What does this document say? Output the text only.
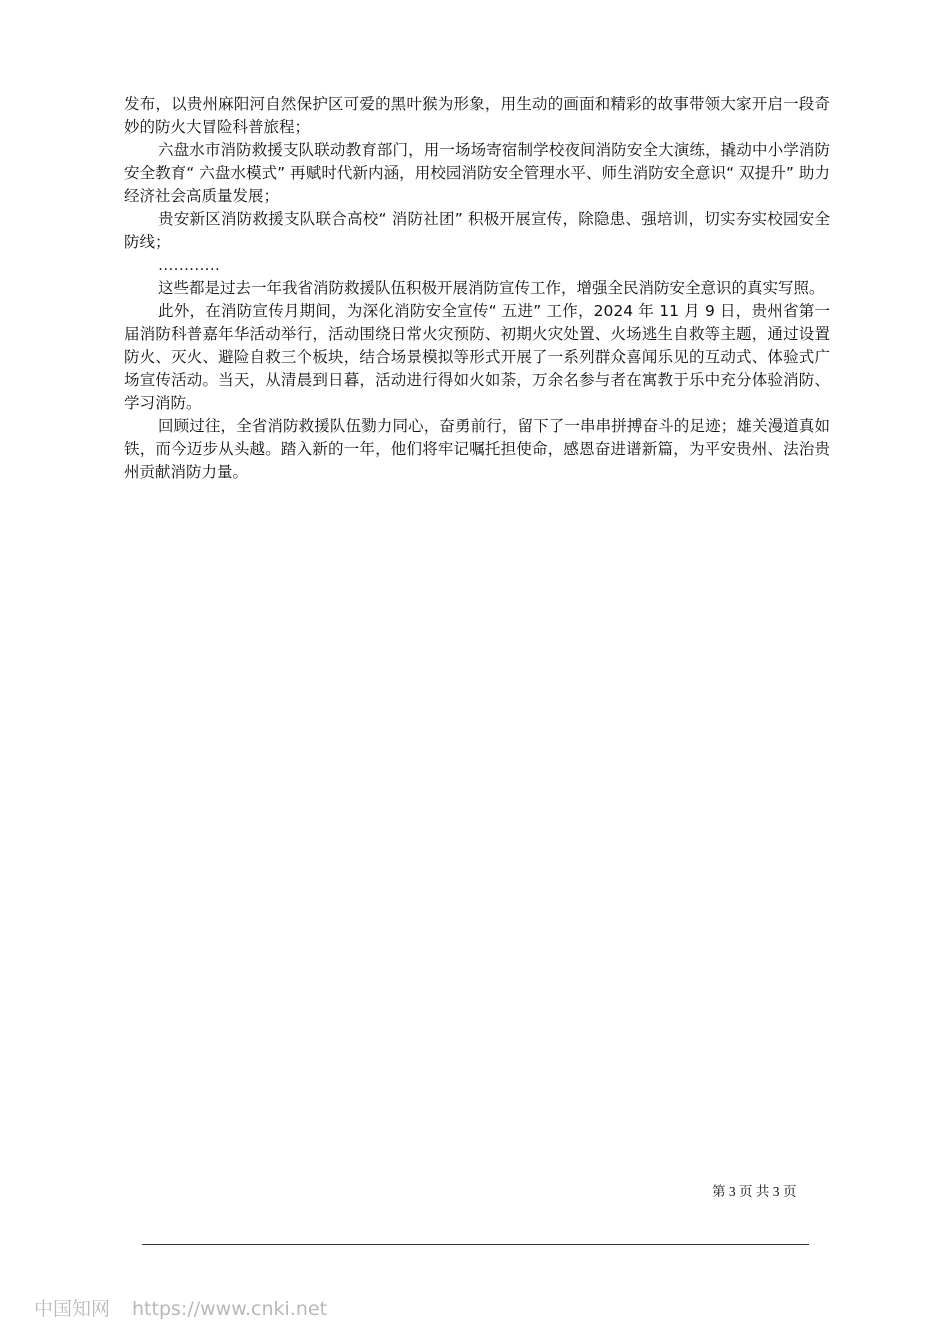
发布，以贵州麻阳河自然保护区可爱的黑叶猴为形象，用生动的画面和精彩的故事带领大家开启一段奇妙的防火大冒险科普旅程；

六盘水市消防救援支队联动教育部门，用一场场寄宿制学校夜间消防安全大演练，撬动中小学消防安全教育“ 六盘水模式” 再赋时代新内涵，用校园消防安全管理水平、师生消防安全意识“ 双提升” 助力经济社会高质量发展；

贵安新区消防救援支队联合高校“ 消防社团” 积极开展宣传，除隐患、强培训，切实夯实校园安全防线；

…………

这些都是过去一年我省消防救援队伍积极开展消防宣传工作，增强全民消防安全意识的真实写照。

此外，在消防宣传月期间，为深化消防安全宣传“ 五进” 工作，2024 年 11 月 9 日，贵州省第一届消防科普嘉年华活动举行，活动围绕日常火灾预防、初期火灾处置、火场逃生自救等主题，通过设置防火、灭火、避险自救三个板块，结合场景模拟等形式开展了一系列群众喜闻乐见的互动式、体验式广场宣传活动。当天，从清晨到日暮，活动进行得如火如荼，万余名参与者在寓教于乐中充分体验消防、学习消防。

回顾过往，全省消防救援队伍勠力同心，奋勇前行，留下了一串串拼搏奋斗的足迹；雄关漫道真如铁，而今迈步从头越。踏入新的一年，他们将牢记嘱托担使命，感恩奋进谱新篇，为平安贵州、法治贵州贡献消防力量。

第 3 页 共 3 页
中国知网 https://www.cnki.net
